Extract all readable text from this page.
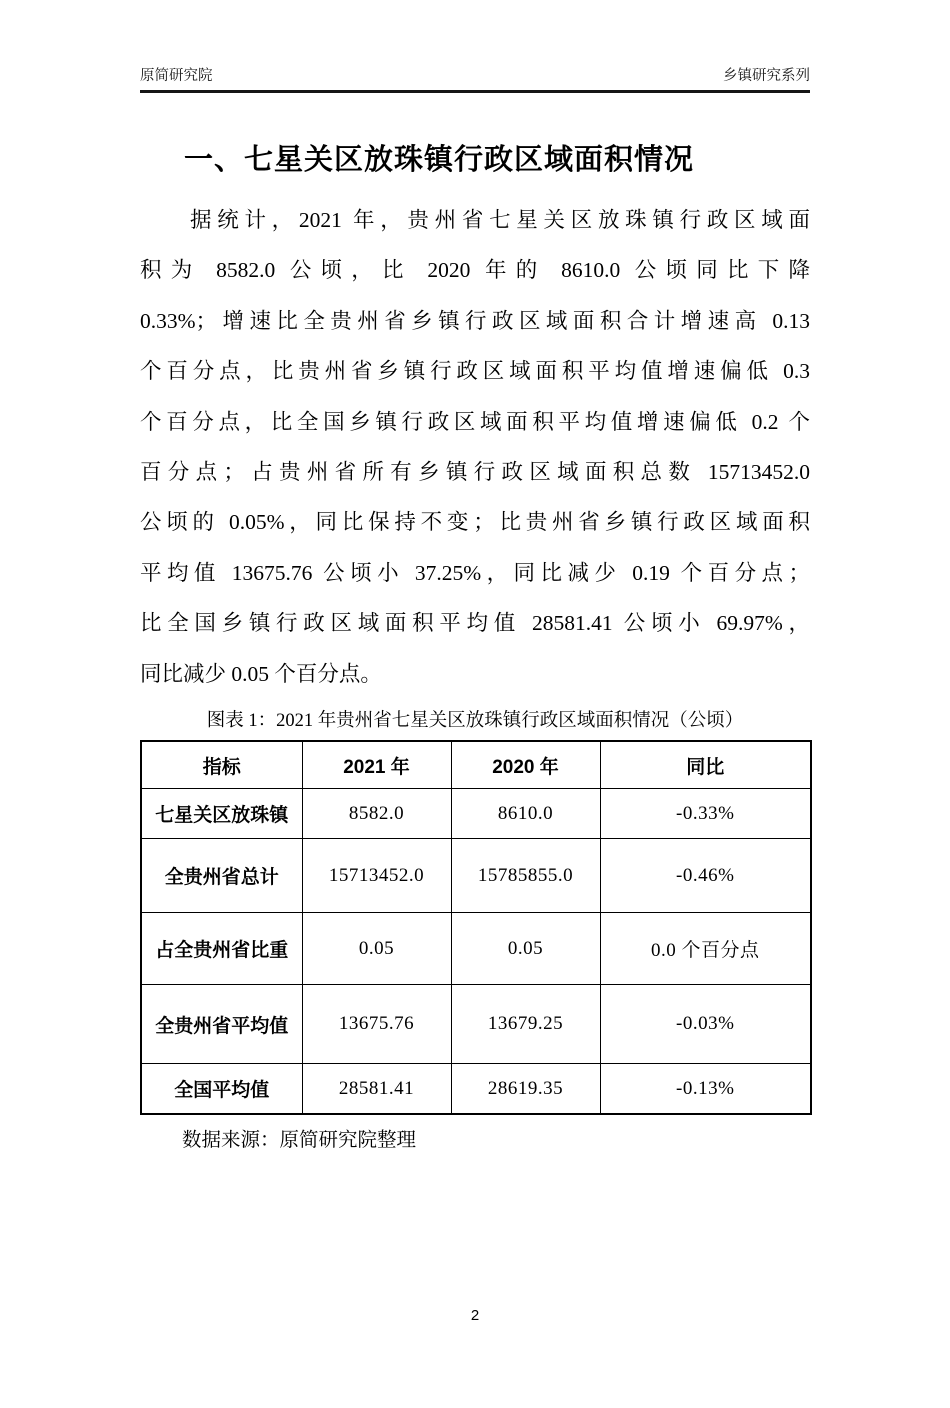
原简研究院	乡镇研究系列
一、七星关区放珠镇行政区域面积情况
据统计，2021 年，贵州省七星关区放珠镇行政区域面
积为 8582.0 公顷，比 2020 年的 8610.0 公顷同比下降
0.33%；增速比全贵州省乡镇行政区域面积合计增速高 0.13
个百分点，比贵州省乡镇行政区域面积平均值增速偏低 0.3
个百分点，比全国乡镇行政区域面积平均值增速偏低 0.2 个
百分点；占贵州省所有乡镇行政区域面积总数 15713452.0
公顷的 0.05%，同比保持不变；比贵州省乡镇行政区域面积
平均值 13675.76 公顷小 37.25%，同比减少 0.19 个百分点；
比全国乡镇行政区域面积平均值 28581.41 公顷小 69.97%，
同比减少 0.05 个百分点。
图表 1：2021 年贵州省七星关区放珠镇行政区域面积情况（公顷）
指标	2021 年	2020 年	同比
七星关区放珠镇	8582.0	8610.0	-0.33%
全贵州省总计	15713452.0	15785855.0	-0.46%
占全贵州省比重	0.05	0.05	0.0 个百分点
全贵州省平均值	13675.76	13679.25	-0.03%
全国平均值	28581.41	28619.35	-0.13%
数据来源：原简研究院整理
2
